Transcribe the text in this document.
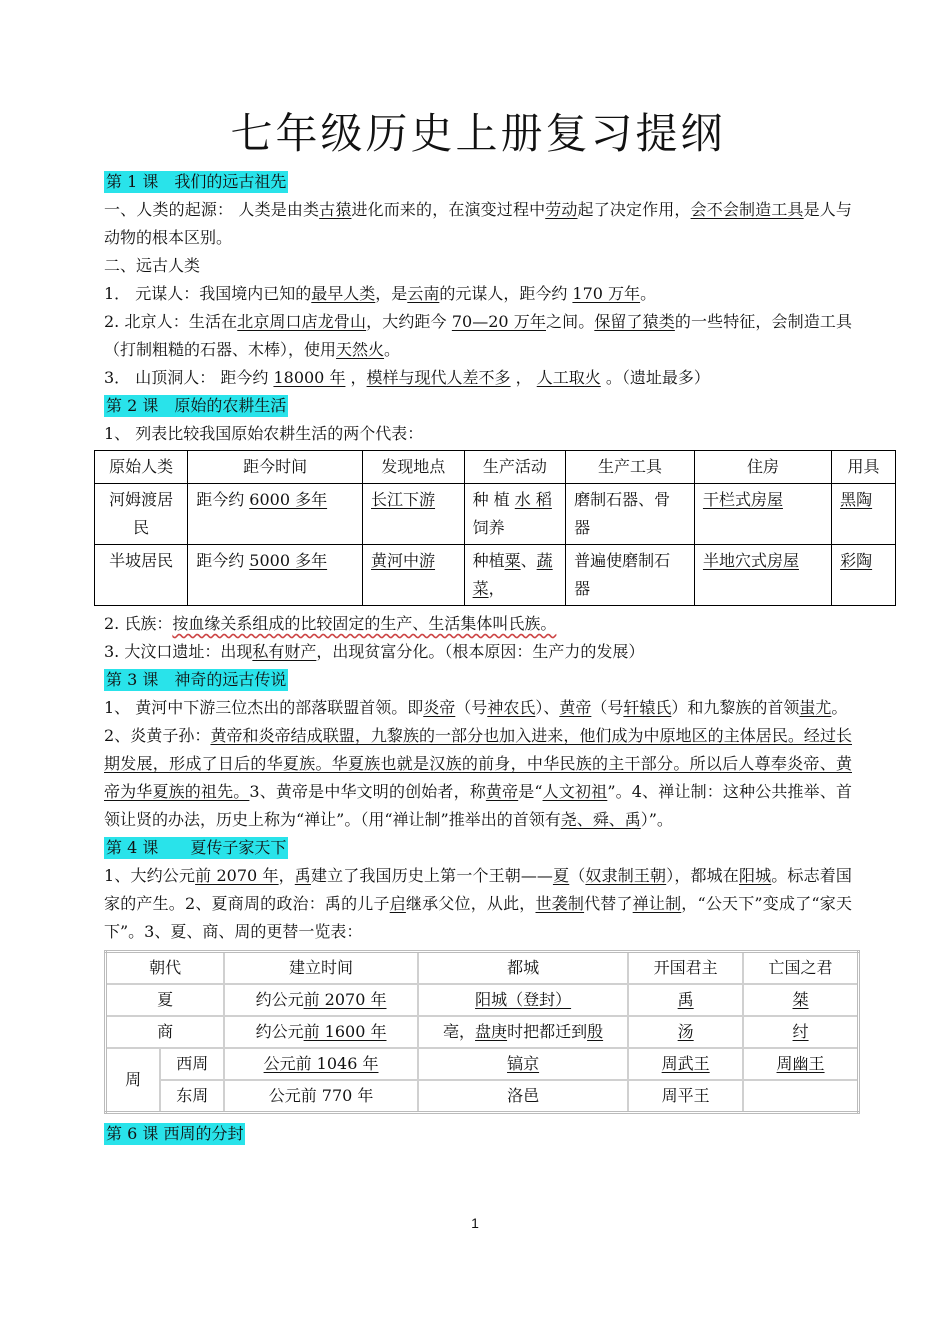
七年级历史上册复习提纲
第 1 课　我们的远古祖先

一、人类的起源： 人类是由类古猿进化而来的，在演变过程中劳动起了决定作用，会不会制造工具是人与动物的根本区别。

二、远古人类

1． 元谋人：我国境内已知的最早人类，是云南的元谋人，距今约 170 万年。

2. 北京人：生活在北京周口店龙骨山，大约距今 70—20 万年之间。保留了猿类的一些特征，会制造工具（打制粗糙的石器、木棒），使用天然火。

3． 山顶洞人： 距今约 18000 年 ，模样与现代人差不多 ， 人工取火 。（遗址最多）

第 2 课　原始的农耕生活

1、 列表比较我国原始农耕生活的两个代表：

原始人类	距今时间	发现地点	生产活动	生产工具	住房	用具
河姆渡居民	距今约 6000 多年	长江下游	种 植 水 稻 饲养	磨制石器、骨器	干栏式房屋	黑陶
半坡居民	距今约 5000 多年	黄河中游	种植粟、蔬菜，	普遍使磨制石器	半地穴式房屋	彩陶

2. 氏族：按血缘关系组成的比较固定的生产、生活集体叫氏族。

3. 大汶口遗址：出现私有财产，出现贫富分化。（根本原因：生产力的发展）

第 3 课　神奇的远古传说

1、 黄河中下游三位杰出的部落联盟首领。即炎帝（号神农氏）、黄帝（号轩辕氏）和九黎族的首领蚩尤。

2、炎黄子孙：黄帝和炎帝结成联盟，九黎族的一部分也加入进来，他们成为中原地区的主体居民。经过长期发展，形成了日后的华夏族。华夏族也就是汉族的前身，中华民族的主干部分。所以后人尊奉炎帝、黄帝为华夏族的祖先。3、黄帝是中华文明的创始者，称黄帝是“人文初祖”。4、禅让制：这种公共推举、首领让贤的办法，历史上称为“禅让”。（用“禅让制”推举出的首领有尧、舜、禹）”。

第 4 课　　夏传子家天下

1、大约公元前 2070 年，禹建立了我国历史上第一个王朝——夏（奴隶制王朝），都城在阳城。标志着国家的产生。2、夏商周的政治：禹的儿子启继承父位，从此，世袭制代替了禅让制，“公天下”变成了“家天下”。3、夏、商、周的更替一览表：

朝代		建立时间	都城	开国君主	亡国之君
夏		约公元前 2070 年	阳城（登封）	禹	桀
商		约公元前 1600 年	亳，盘庚时把都迁到殷	汤	纣
周	西周	公元前 1046 年	镐京	周武王	周幽王
	东周	公元前 770 年	洛邑	周平王	
第 6 课 西周的分封
1
